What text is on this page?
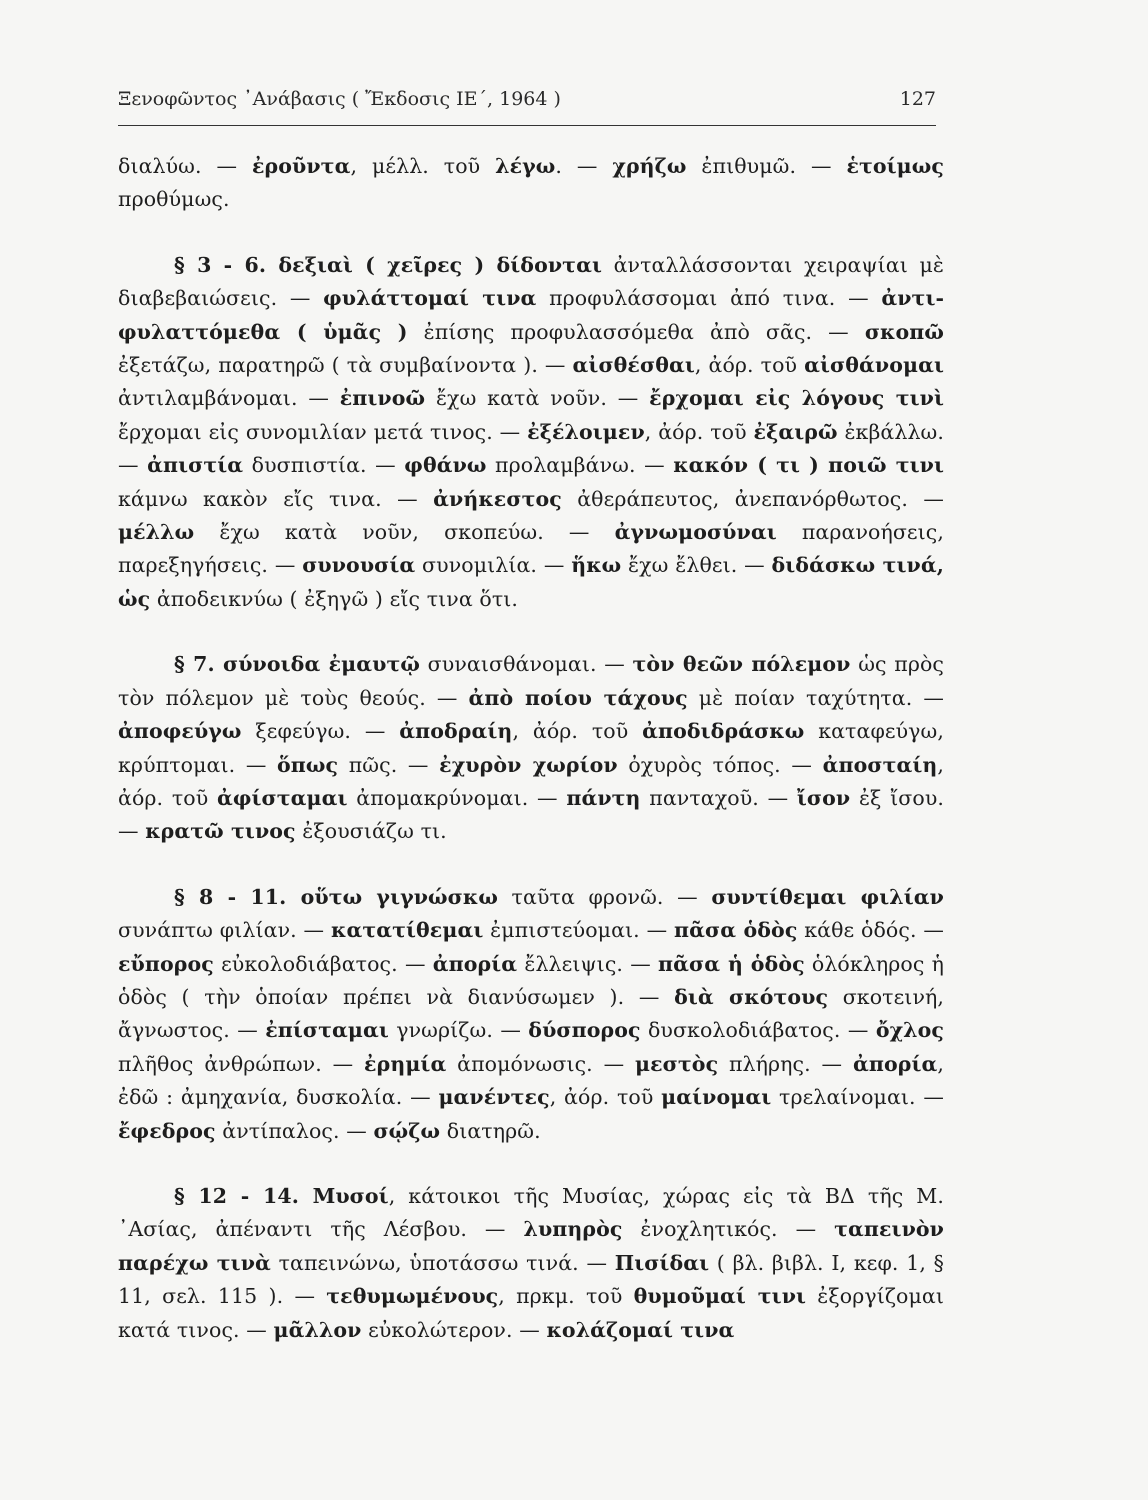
Ξενοφῶντος ᾿Ανάβασις ( Ἔκδοσις ΙΕ΄, 1964 )	127

διαλύω. — ἐροῦντα, μέλλ. τοῦ λέγω. — χρήζω ἐπιθυμῶ. — ἑτοίμως προθύμως.

§ 3 - 6. δεξιαὶ ( χεῖρες ) δίδονται ἀνταλλάσσονται χειραψίαι μὲ διαβεβαιώσεις. — φυλάττομαί τινα προφυλάσσομαι ἀπό τινα. — ἀντιφυλαττόμεθα ( ὑμᾶς ) ἐπίσης προφυλασσόμεθα ἀπὸ σᾶς. — σκοπῶ ἐξετάζω, παρατηρῶ ( τὰ συμβαίνοντα ). — αἰσθέσθαι, ἀόρ. τοῦ αἰσθάνομαι ἀντιλαμβάνομαι. — ἐπινοῶ ἔχω κατὰ νοῦν. — ἔρχομαι εἰς λόγους τινὶ ἔρχομαι εἰς συνομιλίαν μετά τινος. — ἐξέλοιμεν, ἀόρ. τοῦ ἐξαιρῶ ἐκβάλλω. — ἀπιστία δυσπιστία. — φθάνω προλαμβάνω. — κακόν ( τι ) ποιῶ τινι κάμνω κακὸν εἴς τινα. — ἀνήκεστος ἀθεράπευτος, ἀνεπανόρθωτος. — μέλλω ἔχω κατὰ νοῦν, σκοπεύω. — ἀγνωμοσύναι παρανοήσεις, παρεξηγήσεις. — συνουσία συνομιλία. — ἥκω ἔχω ἔλθει. — διδάσκω τινά, ὡς ἀποδεικνύω ( ἐξηγῶ ) εἴς τινα ὅτι.

§ 7. σύνοιδα ἐμαυτῷ συναισθάνομαι. — τὸν θεῶν πόλεμον ὡς πρὸς τὸν πόλεμον μὲ τοὺς θεούς. — ἀπὸ ποίου τάχους μὲ ποίαν ταχύτητα. — ἀποφεύγω ξεφεύγω. — ἀποδραίη, ἀόρ. τοῦ ἀποδιδράσκω καταφεύγω, κρύπτομαι. — ὅπως πῶς. — ἐχυρὸν χωρίον ὀχυρὸς τόπος. — ἀποσταίη, ἀόρ. τοῦ ἀφίσταμαι ἀπομακρύνομαι. — πάντη πανταχοῦ. — ἴσον ἐξ ἴσου. — κρατῶ τινος ἐξουσιάζω τι.

§ 8 - 11. οὕτω γιγνώσκω ταῦτα φρονῶ. — συντίθεμαι φιλίαν συνάπτω φιλίαν. — κατατίθεμαι ἐμπιστεύομαι. — πᾶσα ὁδὸς κάθε ὁδός. — εὔπορος εὐκολοδιάβατος. — ἀπορία ἔλλειψις. — πᾶσα ἡ ὁδὸς ὁλόκληρος ἡ ὁδὸς ( τὴν ὁποίαν πρέπει νὰ διανύσωμεν ). — διὰ σκότους σκοτεινή, ἄγνωστος. — ἐπίσταμαι γνωρίζω. — δύσπορος δυσκολοδιάβατος. — ὄχλος πλῆθος ἀνθρώπων. — ἐρημία ἀπομόνωσις. — μεστὸς πλήρης. — ἀπορία, ἐδῶ : ἀμηχανία, δυσκολία. — μανέντες, ἀόρ. τοῦ μαίνομαι τρελαίνομαι. — ἔφεδρος ἀντίπαλος. — σῴζω διατηρῶ.

§ 12 - 14. Μυσοί, κάτοικοι τῆς Μυσίας, χώρας εἰς τὰ ΒΔ τῆς Μ. ᾿Ασίας, ἀπέναντι τῆς Λέσβου. — λυπηρὸς ἐνοχλητικός. — ταπεινὸν παρέχω τινὰ ταπεινώνω, ὑποτάσσω τινά. — Πισίδαι ( βλ. βιβλ. Ι, κεφ. 1, § 11, σελ. 115 ). — τεθυμωμένους, πρκμ. τοῦ θυμοῦμαί τινι ἐξοργίζομαι κατά τινος. — μᾶλλον εὐκολώτερον. — κολάζομαί τινα
